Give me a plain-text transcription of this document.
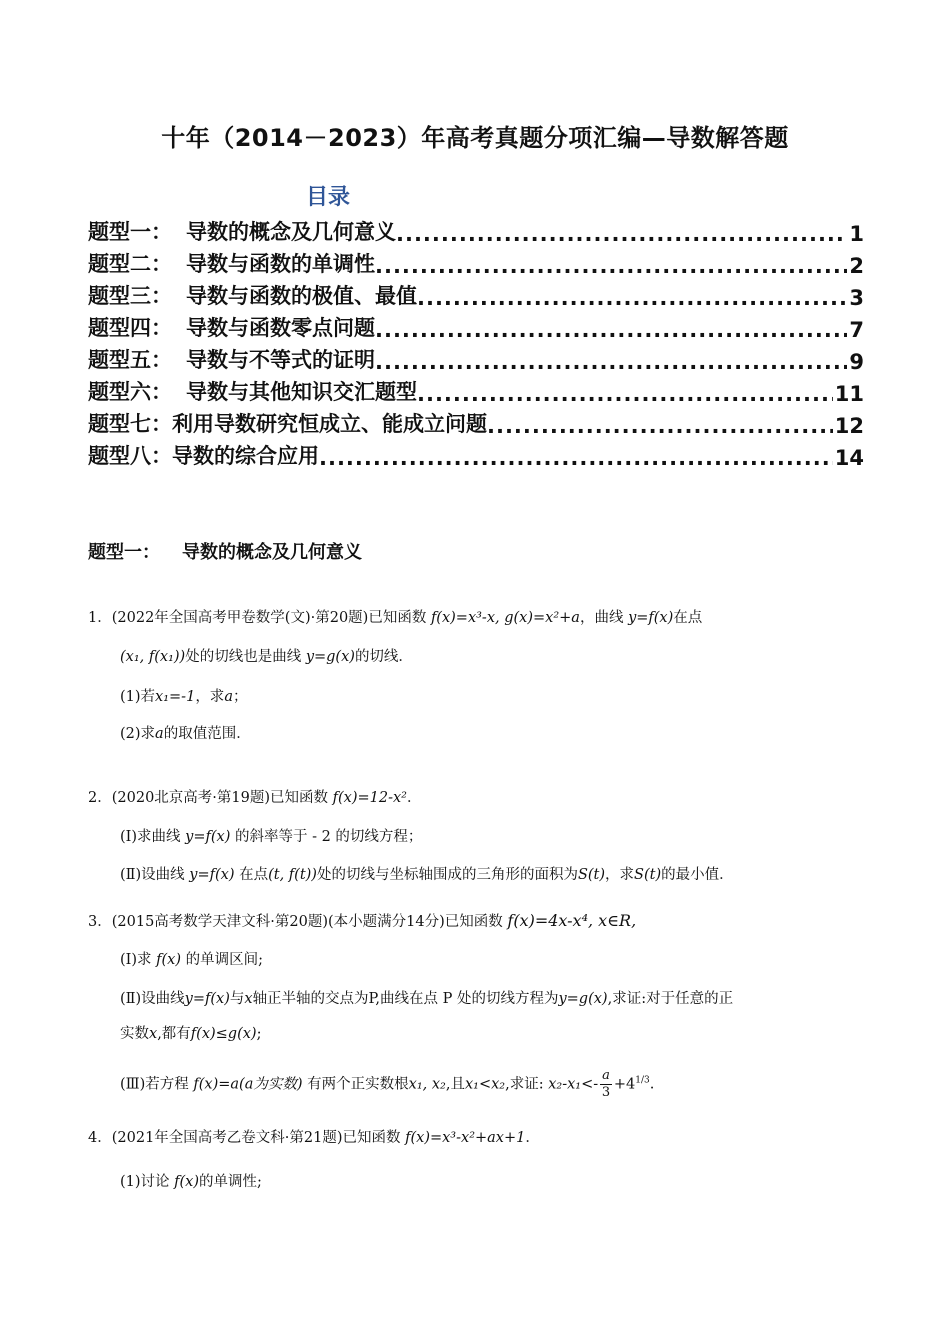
十年（2014－2023）年高考真题分项汇编—导数解答题
目录
题型一： 导数的概念及几何意义 .....	1
题型二： 导数与函数的单调性 .....	2
题型三： 导数与函数的极值、最值 .....	3
题型四： 导数与函数零点问题 .....	7
题型五： 导数与不等式的证明 .....	9
题型六： 导数与其他知识交汇题型 .....	11
题型七： 利用导数研究恒成立、能成立问题 .....	12
题型八： 导数的综合应用 .....	14
题型一： 导数的概念及几何意义
1．(2022年全国高考甲卷数学(文)·第20题)已知函数 f(x)=x³-x, g(x)=x²+a，曲线 y=f(x)在点
(x₁, f(x₁))处的切线也是曲线 y=g(x)的切线．
(1)若x₁=-1，求a；
(2)求a的取值范围．
2．(2020北京高考·第19题)已知函数 f(x)=12-x²．
(Ⅰ)求曲线 y=f(x) 的斜率等于 - 2 的切线方程；
(Ⅱ)设曲线 y=f(x) 在点(t, f(t))处的切线与坐标轴围成的三角形的面积为S(t)，求S(t)的最小值．
3．(2015高考数学天津文科·第20题)(本小题满分14分)已知函数 f(x)=4x-x⁴, x∈R,
(Ⅰ)求 f(x) 的单调区间;
(Ⅱ)设曲线y=f(x)与x轴正半轴的交点为P,曲线在点 P 处的切线方程为y=g(x),求证:对于任意的正
实数x,都有f(x)≤g(x);
(Ⅲ)若方程 f(x)=a(a为实数) 有两个正实数根x₁, x₂,且x₁<x₂,求证: $x_2-x_1<- \frac{a}{3} +4^{1/3}$.
4．(2021年全国高考乙卷文科·第21题)已知函数 f(x)=x³-x²+ax+1．
(1)讨论 f(x)的单调性;
